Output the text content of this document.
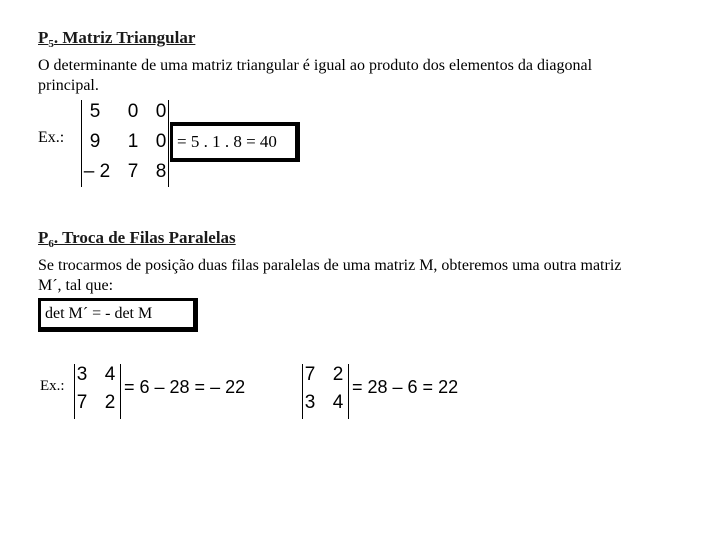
$P_5$. Matriz Triangular
O determinante de uma matriz triangular é igual ao produto dos elementos da diagonal
principal.
Ex.:
5	0 0
9	1 0
– 2 7 8
= 5 . 1 . 8 = 40
$P_6$. Troca de Filas Paralelas
Se trocarmos de posição duas filas paralelas de uma matriz M, obteremos uma outra matriz
M´, tal que:
det M´ = - det M
Ex.:
3 4
7 2
= 6 – 28 = – 22
7 2
3 4
= 28 – 6 = 22
